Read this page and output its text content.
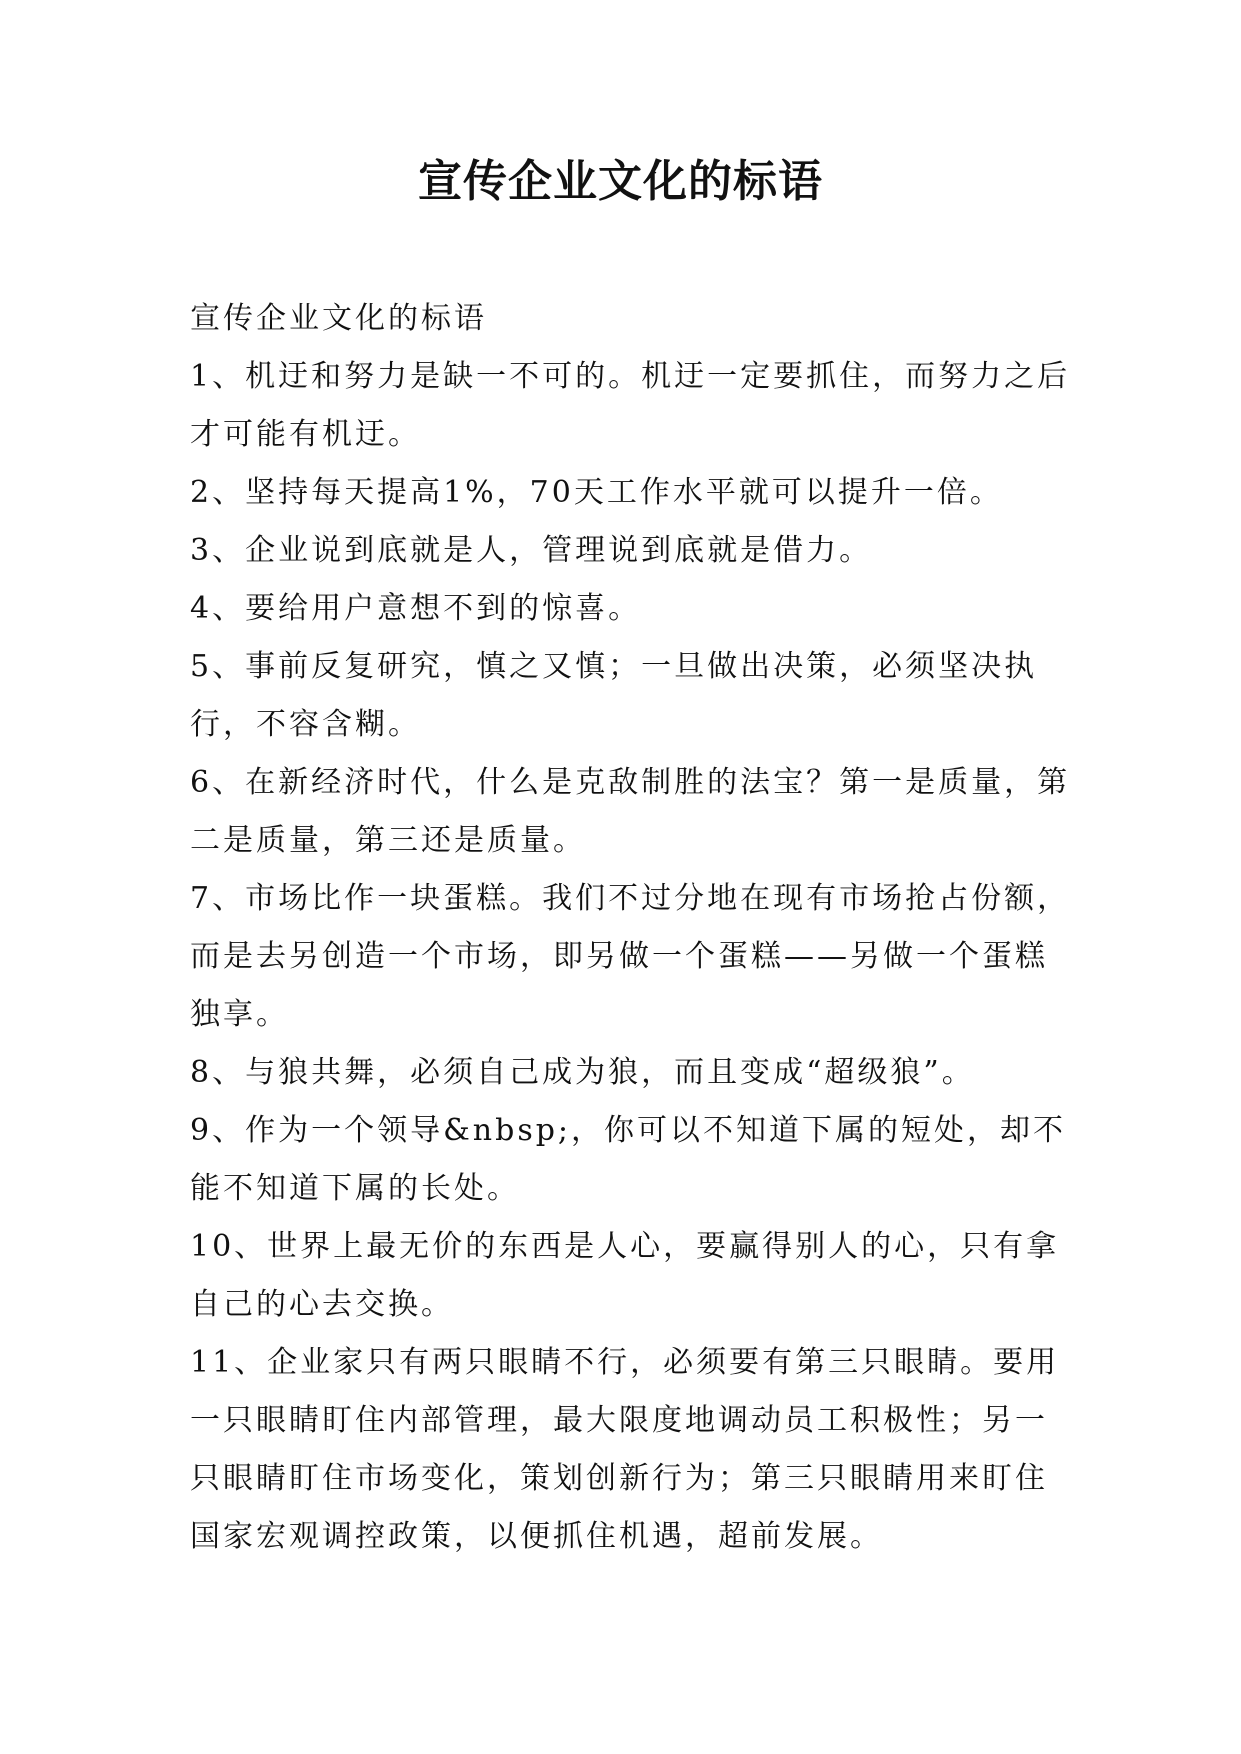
宣传企业文化的标语

宣传企业文化的标语

1、机迂和努力是缺一不可的。机迂一定要抓住，而努力之后才可能有机迂。

2、坚持每天提高1%，70天工作水平就可以提升一倍。

3、企业说到底就是人，管理说到底就是借力。

4、要给用户意想不到的惊喜。

5、事前反复研究，慎之又慎；一旦做出决策，必须坚决执行，不容含糊。

6、在新经济时代，什么是克敌制胜的法宝？第一是质量，第二是质量，第三还是质量。

7、市场比作一块蛋糕。我们不过分地在现有市场抢占份额，而是去另创造一个市场，即另做一个蛋糕——另做一个蛋糕独享。

8、与狼共舞，必须自己成为狼，而且变成“超级狼”。

9、作为一个领导&nbsp;，你可以不知道下属的短处，却不能不知道下属的长处。

10、世界上最无价的东西是人心，要赢得别人的心，只有拿自己的心去交换。

11、企业家只有两只眼睛不行，必须要有第三只眼睛。要用一只眼睛盯住内部管理，最大限度地调动员工积极性；另一只眼睛盯住市场变化，策划创新行为；第三只眼睛用来盯住国家宏观调控政策，以便抓住机遇，超前发展。
